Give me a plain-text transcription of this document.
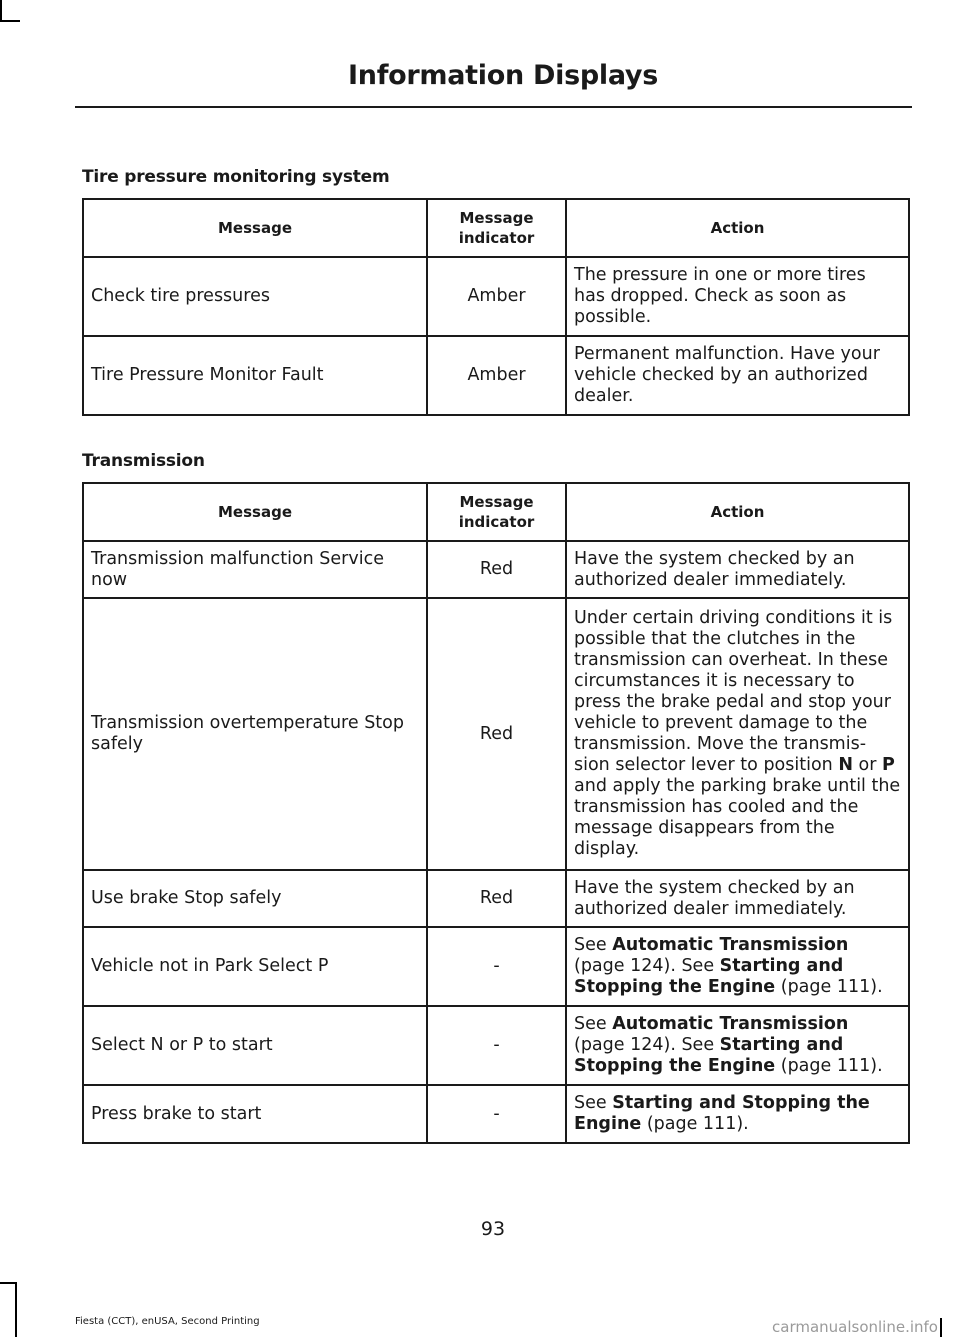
Information Displays
Tire pressure monitoring system
Message	Message indicator	Action
Check tire pressures	Amber	The pressure in one or more tires has dropped. Check as soon as possible.
Tire Pressure Monitor Fault	Amber	Permanent malfunction. Have your vehicle checked by an authorized dealer.
Transmission
Message	Message indicator	Action
Transmission malfunction Service now	Red	Have the system checked by an authorized dealer immediately.
Transmission overtemperature Stop safely	Red	Under certain driving conditions it is possible that the clutches in the transmission can overheat. In these circumstances it is necessary to press the brake pedal and stop your vehicle to prevent damage to the transmission. Move the transmis- sion selector lever to position N or P and apply the parking brake until the transmission has cooled and the message disappears from the display.
Use brake Stop safely	Red	Have the system checked by an authorized dealer immediately.
Vehicle not in Park Select P	-	See Automatic Transmission (page 124). See Starting and Stopping the Engine (page 111).
Select N or P to start	-	See Automatic Transmission (page 124). See Starting and Stopping the Engine (page 111).
Press brake to start	-	See Starting and Stopping the Engine (page 111).
93
Fiesta (CCT), enUSA, Second Printing	carmanualsonline.info
